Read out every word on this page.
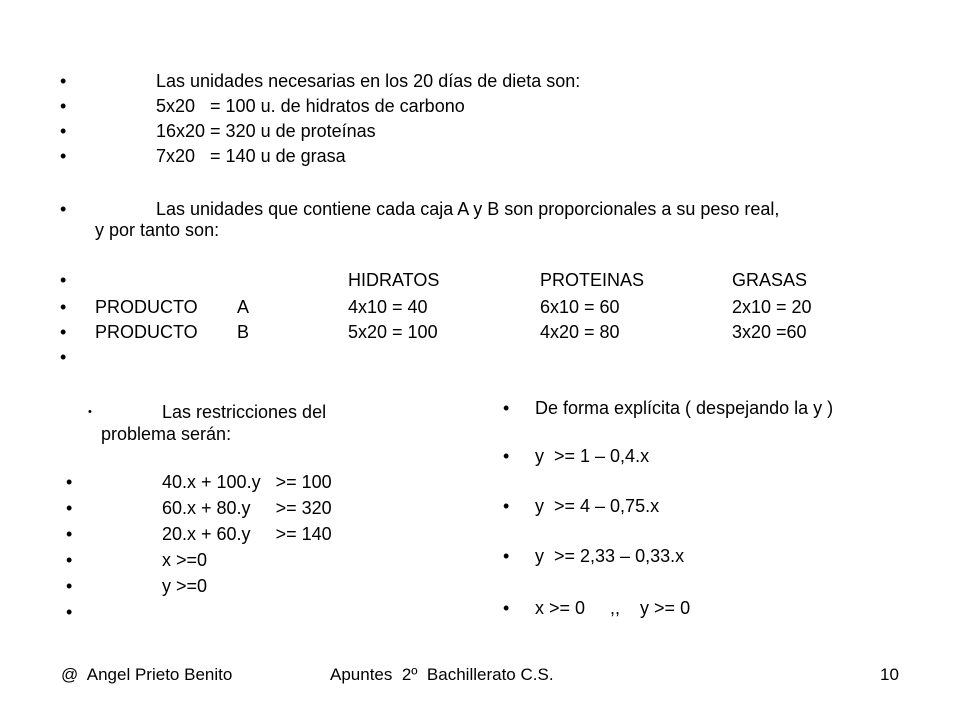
•	Las unidades necesarias en los 20 días de dieta son:
•	5x20   = 100 u. de hidratos de carbono
•	16x20 = 320 u de proteínas
•	7x20   = 140 u de grasa
•	Las unidades que contiene cada caja A y B son proporcionales a su peso real,
y por tanto son:
•	HIDRATOS	PROTEINAS	GRASAS
• PRODUCTO A	4x10 = 40	6x10 = 60	2x10 = 20
• PRODUCTO B	5x20 = 100	4x20 = 80	3x20 =60
•
•	Las restricciones del
problema serán:
•	40.x + 100.y   >= 100
•	60.x + 80.y     >= 320
•	20.x + 60.y     >= 140
•	x >=0
•	y >=0
•
• De forma explícita ( despejando la y )
• y  >= 1 – 0,4.x
• y  >= 4 – 0,75.x
• y  >= 2,33 – 0,33.x
• x >= 0     ,,    y >= 0
@  Angel Prieto Benito	Apuntes  2º  Bachillerato C.S.	10
